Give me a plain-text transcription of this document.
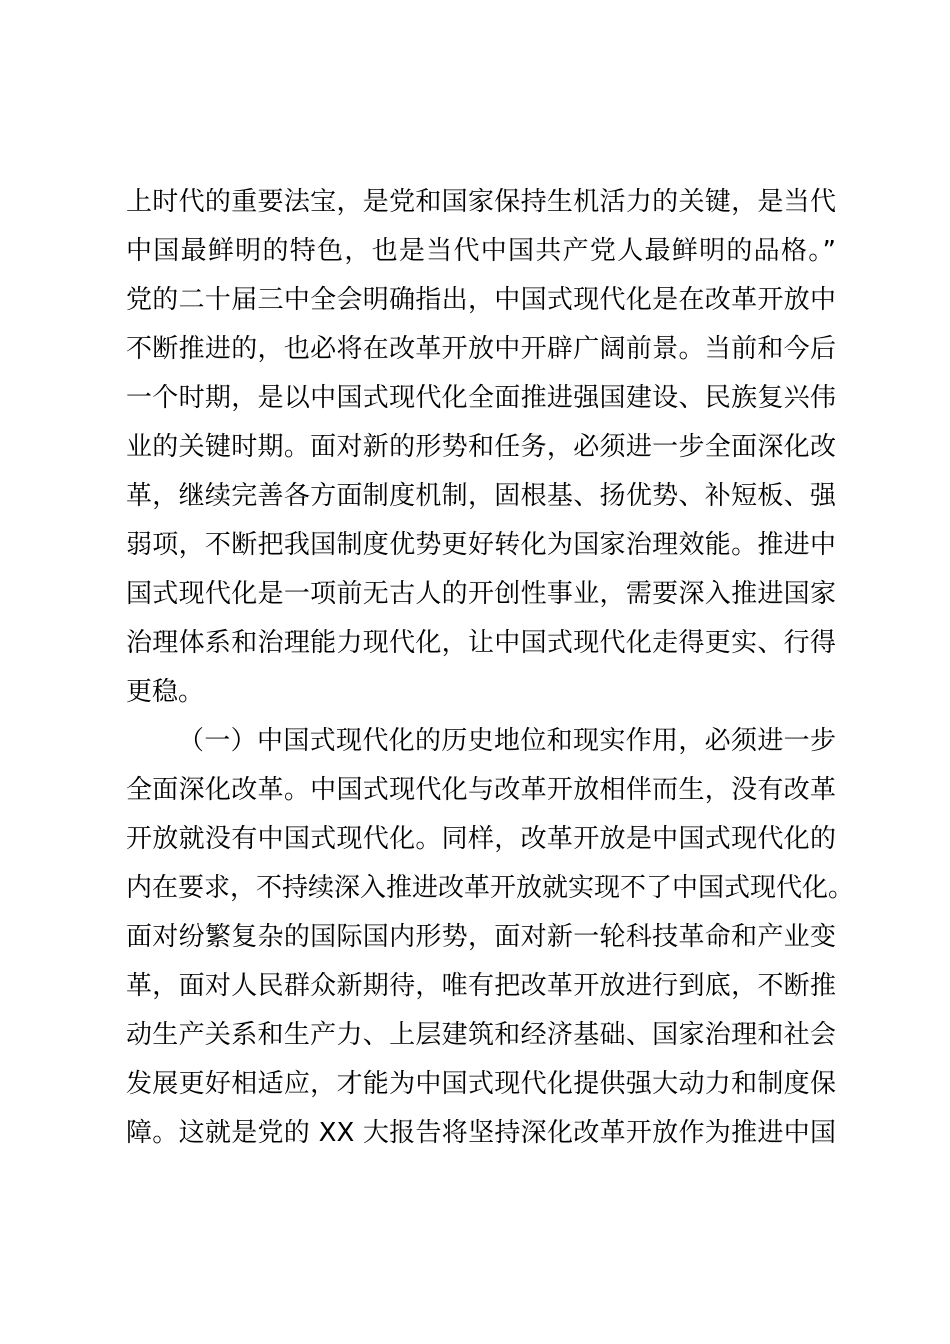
上时代的重要法宝，是党和国家保持生机活力的关键，是当代
中国最鲜明的特色，也是当代中国共产党人最鲜明的品格。”
党的二十届三中全会明确指出，中国式现代化是在改革开放中
不断推进的，也必将在改革开放中开辟广阔前景。当前和今后
一个时期，是以中国式现代化全面推进强国建设、民族复兴伟
业的关键时期。面对新的形势和任务，必须进一步全面深化改
革，继续完善各方面制度机制，固根基、扬优势、补短板、强
弱项，不断把我国制度优势更好转化为国家治理效能。推进中
国式现代化是一项前无古人的开创性事业，需要深入推进国家
治理体系和治理能力现代化，让中国式现代化走得更实、行得
更稳。
（一）中国式现代化的历史地位和现实作用，必须进一步
全面深化改革。中国式现代化与改革开放相伴而生，没有改革
开放就没有中国式现代化。同样，改革开放是中国式现代化的
内在要求，不持续深入推进改革开放就实现不了中国式现代化。
面对纷繁复杂的国际国内形势，面对新一轮科技革命和产业变
革，面对人民群众新期待，唯有把改革开放进行到底，不断推
动生产关系和生产力、上层建筑和经济基础、国家治理和社会
发展更好相适应，才能为中国式现代化提供强大动力和制度保
障。这就是党的 XX 大报告将坚持深化改革开放作为推进中国
